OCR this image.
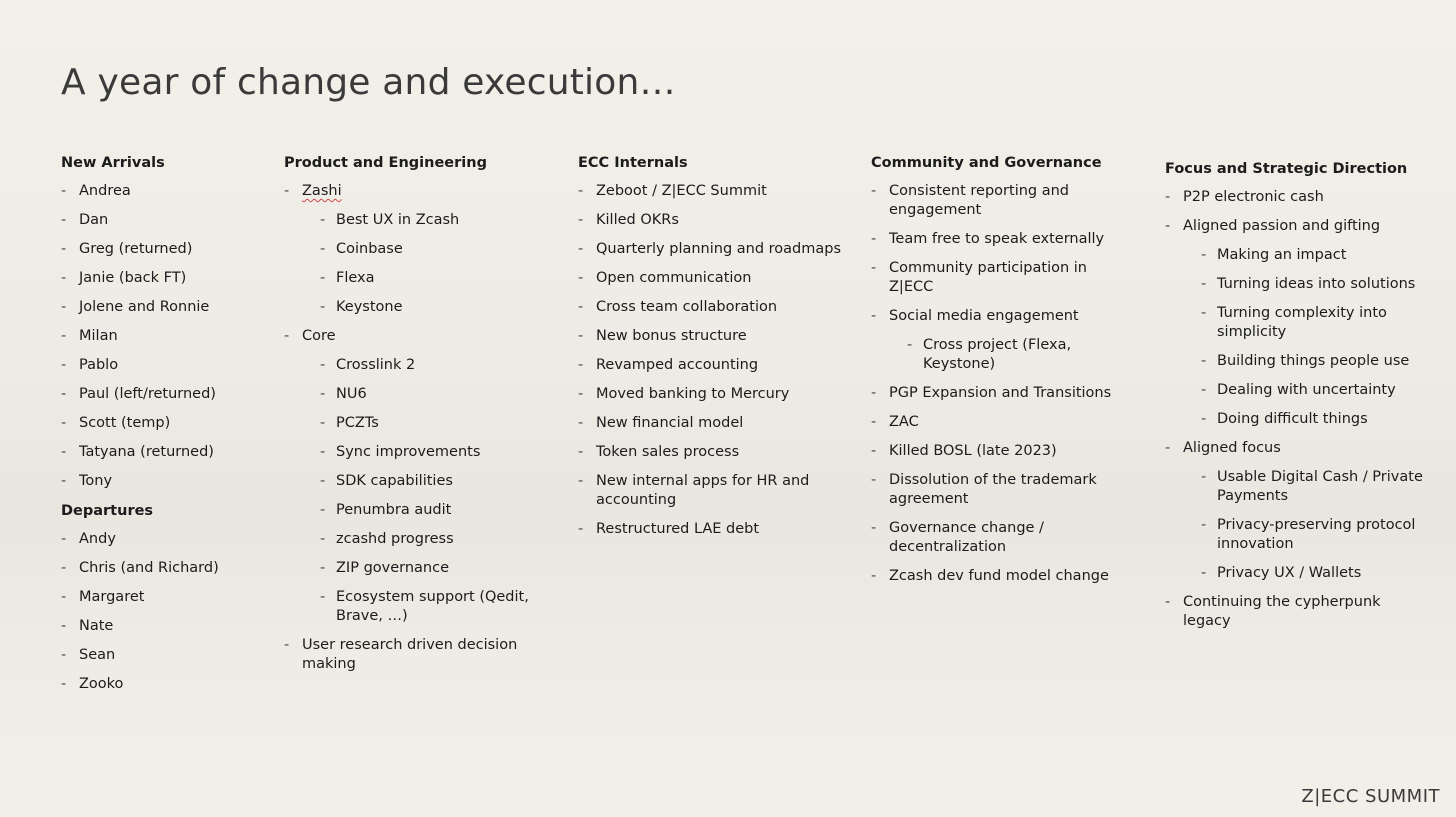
A year of change and execution…
New Arrivals
- Andrea
- Dan
- Greg (returned)
- Janie (back FT)
- Jolene and Ronnie
- Milan
- Pablo
- Paul (left/returned)
- Scott (temp)
- Tatyana (returned)
- Tony
Departures
- Andy
- Chris (and Richard)
- Margaret
- Nate
- Sean
- Zooko
Product and Engineering
- Zashi
- Best UX in Zcash
- Coinbase
- Flexa
- Keystone
- Core
- Crosslink 2
- NU6
- PCZTs
- Sync improvements
- SDK capabilities
- Penumbra audit
- zcashd progress
- ZIP governance
- Ecosystem support (Qedit, Brave, …)
- User research driven decision making
ECC Internals
- Zeboot / Z|ECC Summit
- Killed OKRs
- Quarterly planning and roadmaps
- Open communication
- Cross team collaboration
- New bonus structure
- Revamped accounting
- Moved banking to Mercury
- New financial model
- Token sales process
- New internal apps for HR and accounting
- Restructured LAE debt
Community and Governance
- Consistent reporting and engagement
- Team free to speak externally
- Community participation in Z|ECC
- Social media engagement
- Cross project (Flexa, Keystone)
- PGP Expansion and Transitions
- ZAC
- Killed BOSL (late 2023)
- Dissolution of the trademark agreement
- Governance change / decentralization
- Zcash dev fund model change
Focus and Strategic Direction
- P2P electronic cash
- Aligned passion and gifting
- Making an impact
- Turning ideas into solutions
- Turning complexity into simplicity
- Building things people use
- Dealing with uncertainty
- Doing difficult things
- Aligned focus
- Usable Digital Cash / Private Payments
- Privacy-preserving protocol innovation
- Privacy UX / Wallets
- Continuing the cypherpunk legacy
Z|ECC SUMMIT
